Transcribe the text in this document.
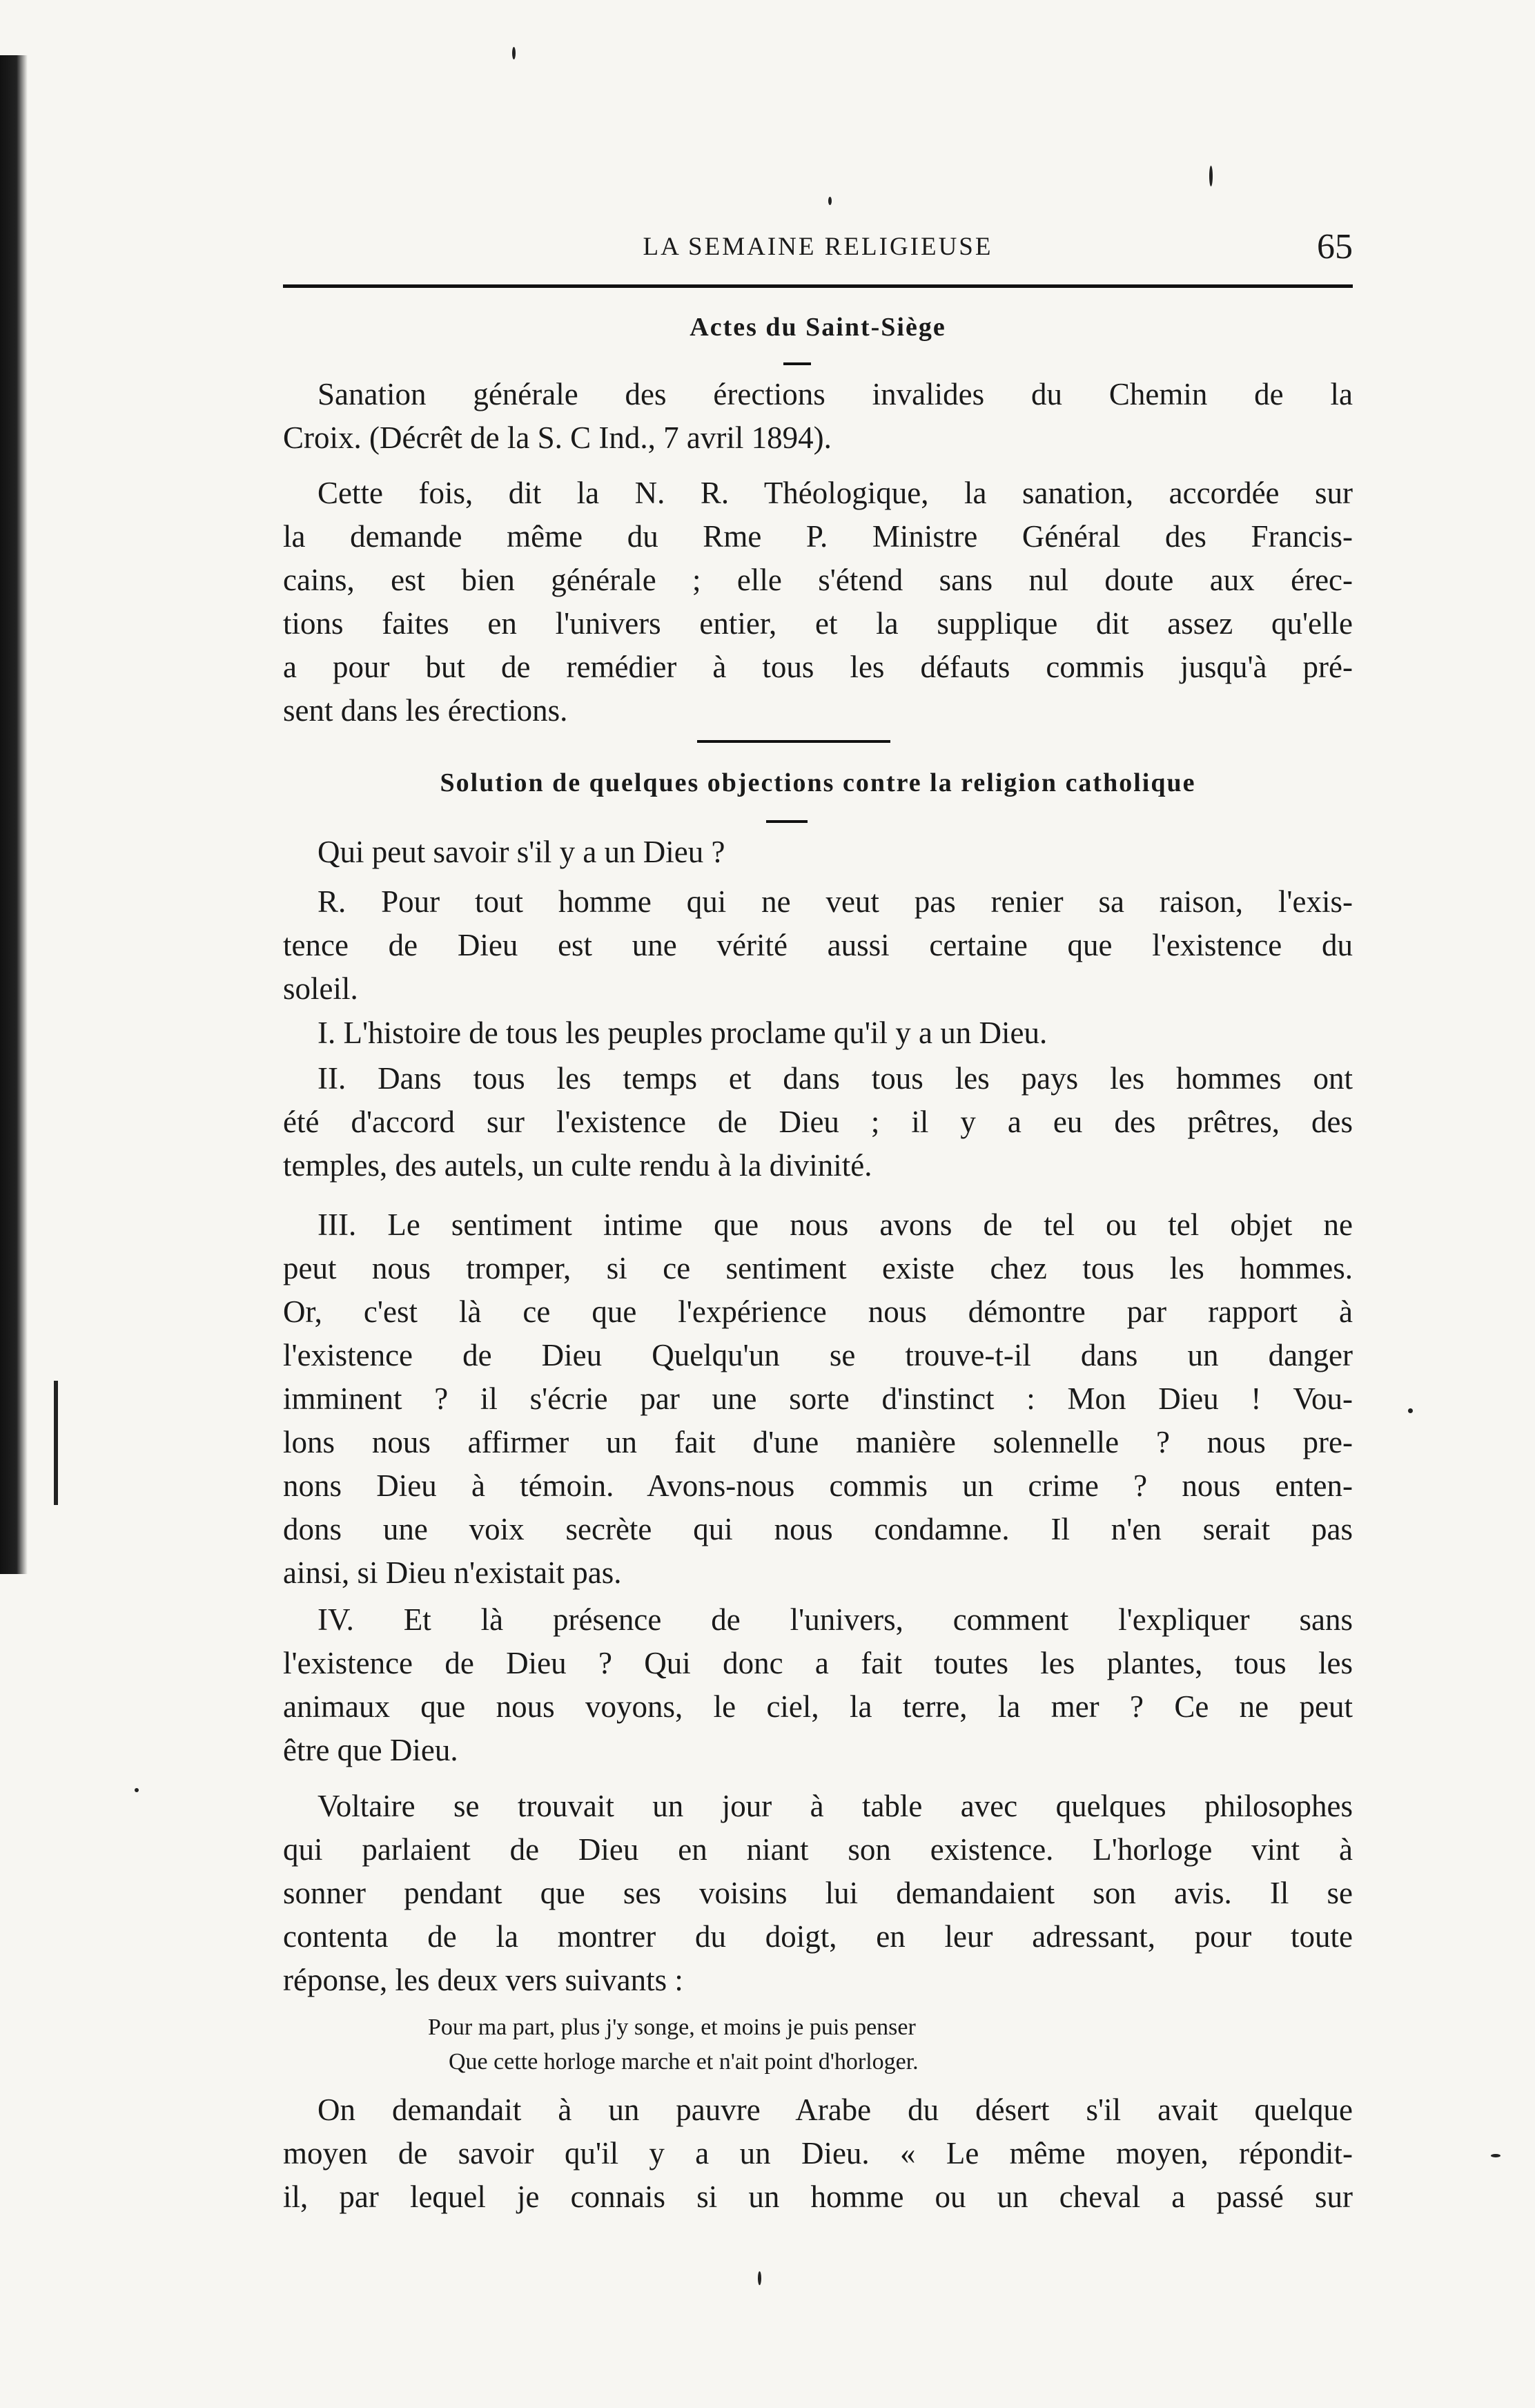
LA SEMAINE RELIGIEUSE	65
Actes du Saint-Siège
Sanation générale des érections invalides du Chemin de la
Croix. (Décrêt de la S. C Ind., 7 avril 1894).
Cette fois, dit la N. R. Théologique, la sanation, accordée sur
la demande même du Rme P. Ministre Général des Francis-
cains, est bien générale ; elle s'étend sans nul doute aux érec-
tions faites en l'univers entier, et la supplique dit assez qu'elle
a pour but de remédier à tous les défauts commis jusqu'à pré-
sent dans les érections.
Solution de quelques objections contre la religion catholique
Qui peut savoir s'il y a un Dieu ?
R. Pour tout homme qui ne veut pas renier sa raison, l'exis-
tence de Dieu est une vérité aussi certaine que l'existence du
soleil.
I. L'histoire de tous les peuples proclame qu'il y a un Dieu.
II. Dans tous les temps et dans tous les pays les hommes ont
été d'accord sur l'existence de Dieu ; il y a eu des prêtres, des
temples, des autels, un culte rendu à la divinité.
III. Le sentiment intime que nous avons de tel ou tel objet ne
peut nous tromper, si ce sentiment existe chez tous les hommes.
Or, c'est là ce que l'expérience nous démontre par rapport à
l'existence de Dieu Quelqu'un se trouve-t-il dans un danger
imminent ? il s'écrie par une sorte d'instinct : Mon Dieu ! Vou-
lons nous affirmer un fait d'une manière solennelle ? nous pre-
nons Dieu à témoin. Avons-nous commis un crime ? nous enten-
dons une voix secrète qui nous condamne. Il n'en serait pas
ainsi, si Dieu n'existait pas.
IV. Et là présence de l'univers, comment l'expliquer sans
l'existence de Dieu ? Qui donc a fait toutes les plantes, tous les
animaux que nous voyons, le ciel, la terre, la mer ? Ce ne peut
être que Dieu.
Voltaire se trouvait un jour à table avec quelques philosophes
qui parlaient de Dieu en niant son existence. L'horloge vint à
sonner pendant que ses voisins lui demandaient son avis. Il se
contenta de la montrer du doigt, en leur adressant, pour toute
réponse, les deux vers suivants :
Pour ma part, plus j'y songe, et moins je puis penser
Que cette horloge marche et n'ait point d'horloger.
On demandait à un pauvre Arabe du désert s'il avait quelque
moyen de savoir qu'il y a un Dieu. « Le même moyen, répondit-
il, par lequel je connais si un homme ou un cheval a passé sur
